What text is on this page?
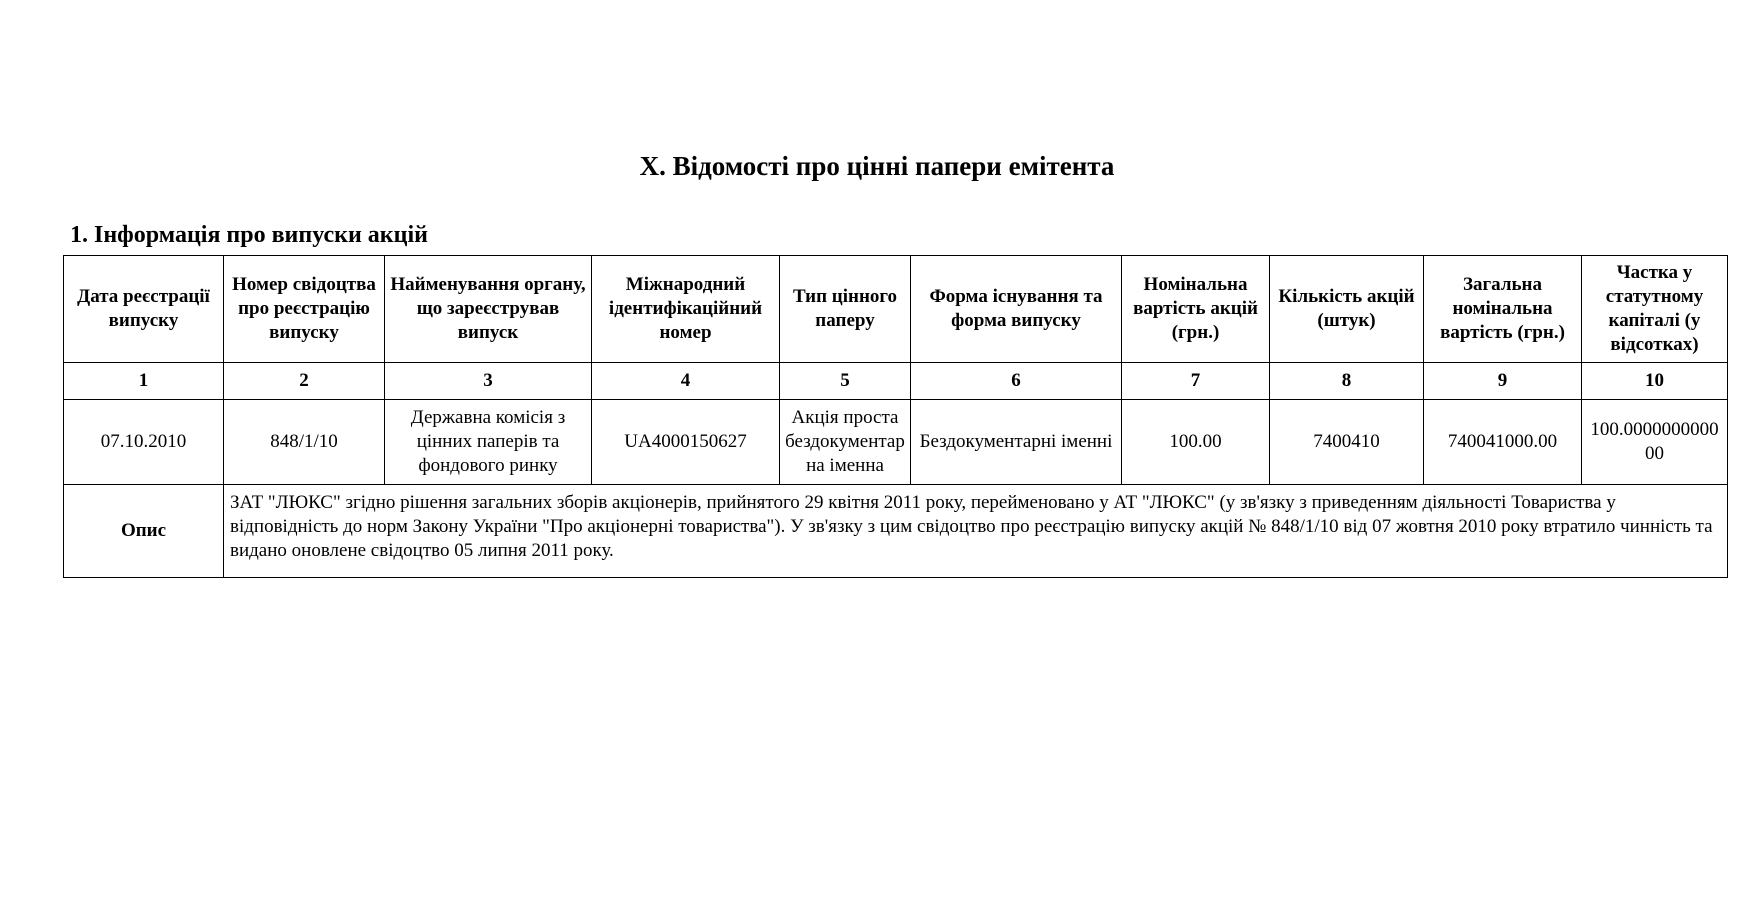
X. Відомості про цінні папери емітента
1. Інформація про випуски акцій
Дата реєстрації випуску	Номер свідоцтва про реєстрацію випуску	Найменування органу, що зареєстрував випуск	Міжнародний ідентифікаційний номер	Тип цінного паперу	Форма існування та форма випуску	Номінальна вартість акцій (грн.)	Кількість акцій (штук)	Загальна номінальна вартість (грн.)	Частка у статутному капіталі (у відсотках)
1	2	3	4	5	6	7	8	9	10
07.10.2010	848/1/10	Державна комісія з цінних паперів та фондового ринку	UA4000150627	Акція проста бездокументарна іменна	Бездокументарні іменні	100.00	7400410	740041000.00	100.000000000000
Опис	ЗАТ "ЛЮКС" згідно рішення загальних зборів акціонерів, прийнятого 29 квітня 2011 року, перейменовано у АТ "ЛЮКС" (у зв'язку з приведенням діяльності Товариства у відповідність до норм Закону України "Про акціонерні товариства"). У зв'язку з цим свідоцтво про реєстрацію випуску акцій № 848/1/10 від 07 жовтня 2010 року втратило чинність та видано оновлене свідоцтво 05 липня 2011 року.								
